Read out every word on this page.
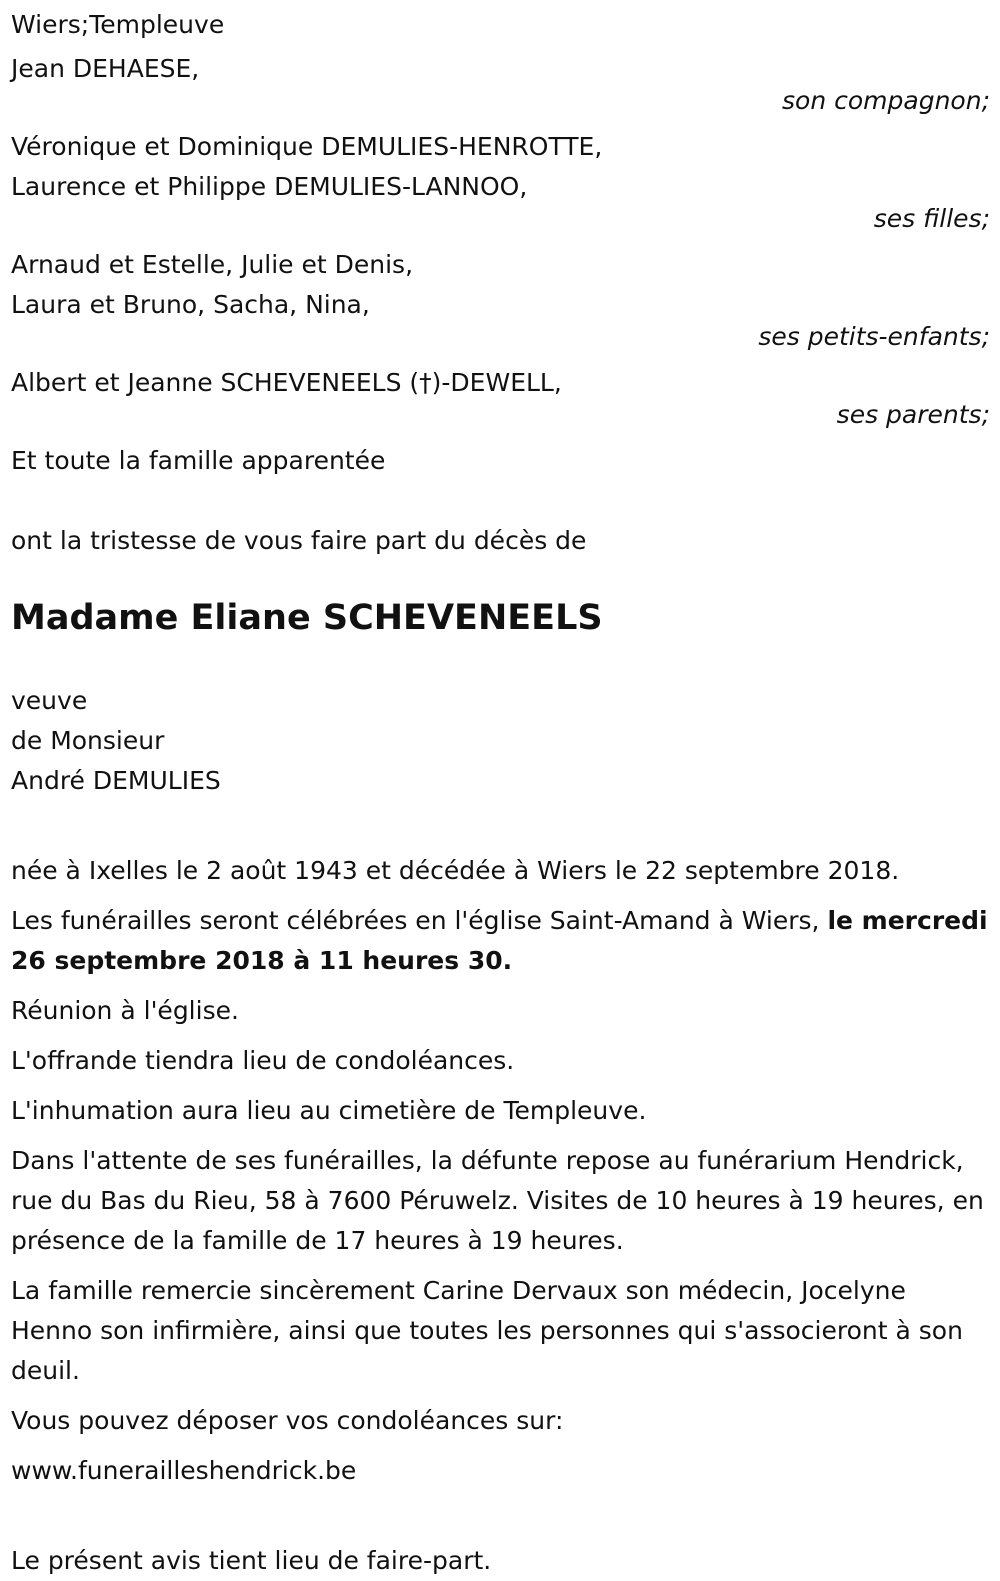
Wiers;Templeuve
Jean DEHAESE,
son compagnon;
Véronique et Dominique DEMULIES-HENROTTE,
Laurence et Philippe DEMULIES-LANNOO,
ses filles;
Arnaud et Estelle, Julie et Denis,
Laura et Bruno, Sacha, Nina,
ses petits-enfants;
Albert et Jeanne SCHEVENEELS (†)-DEWELL,
ses parents;
Et toute la famille apparentée
ont la tristesse de vous faire part du décès de
Madame Eliane SCHEVENEELS
veuve
de Monsieur
André DEMULIES
née à Ixelles le 2 août 1943 et décédée à Wiers le 22 septembre 2018.
Les funérailles seront célébrées en l'église Saint-Amand à Wiers, le mercredi 26 septembre 2018 à 11 heures 30.
Réunion à l'église.
L'offrande tiendra lieu de condoléances.
L'inhumation aura lieu au cimetière de Templeuve.
Dans l'attente de ses funérailles, la défunte repose au funérarium Hendrick, rue du Bas du Rieu, 58 à 7600 Péruwelz. Visites de 10 heures à 19 heures, en présence de la famille de 17 heures à 19 heures.
La famille remercie sincèrement Carine Dervaux son médecin, Jocelyne Henno son infirmière, ainsi que toutes les personnes qui s'associeront à son deuil.
Vous pouvez déposer vos condoléances sur:
www.funerailleshendrick.be
Le présent avis tient lieu de faire-part.
